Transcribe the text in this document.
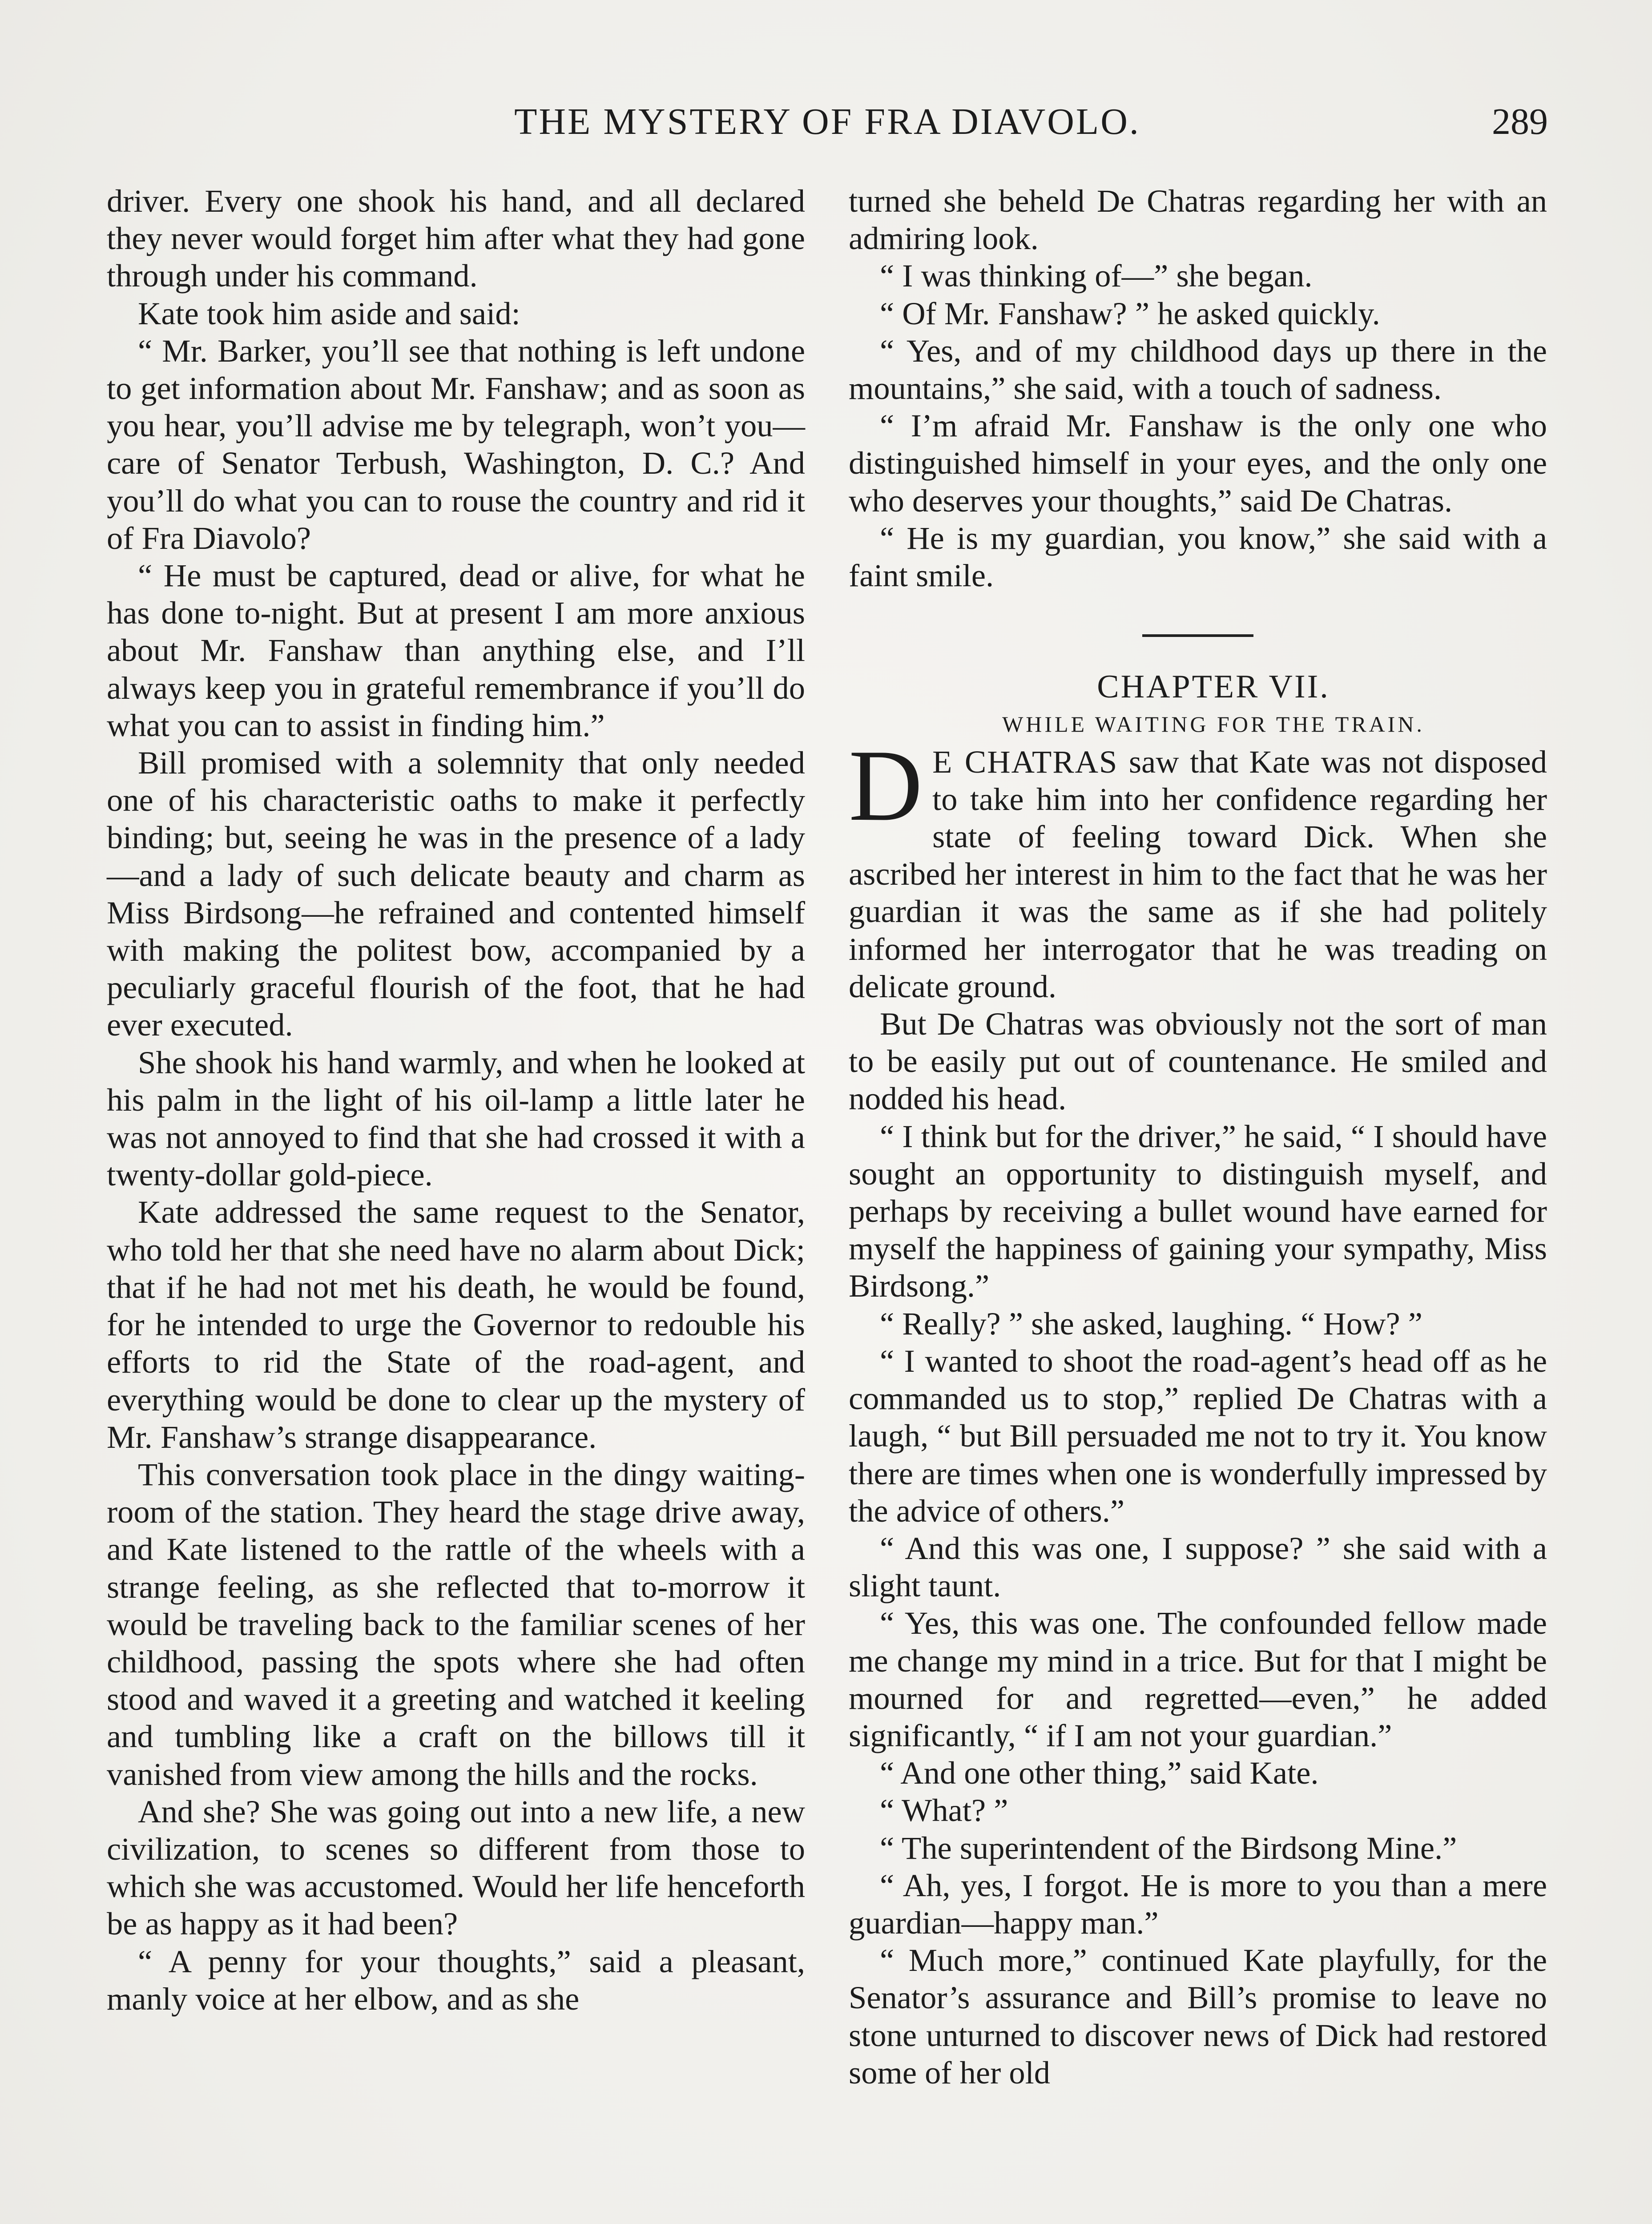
THE MYSTERY OF FRA DIAVOLO.	289

driver. Every one shook his hand, and all declared they never would forget him after what they had gone through under his command.

Kate took him aside and said:

“ Mr. Barker, you’ll see that nothing is left undone to get information about Mr. Fanshaw; and as soon as you hear, you’ll advise me by telegraph, won’t you—care of Senator Terbush, Washington, D. C.? And you’ll do what you can to rouse the country and rid it of Fra Diavolo?

“ He must be captured, dead or alive, for what he has done to-night. But at present I am more anxious about Mr. Fanshaw than anything else, and I’ll always keep you in grateful remembrance if you’ll do what you can to assist in finding him.”

Bill promised with a solemnity that only needed one of his characteristic oaths to make it perfectly binding; but, seeing he was in the presence of a lady—and a lady of such delicate beauty and charm as Miss Birdsong—he refrained and contented himself with making the politest bow, accompanied by a peculiarly graceful flourish of the foot, that he had ever executed.

She shook his hand warmly, and when he looked at his palm in the light of his oil-lamp a little later he was not annoyed to find that she had crossed it with a twenty-dollar gold-piece.

Kate addressed the same request to the Senator, who told her that she need have no alarm about Dick; that if he had not met his death, he would be found, for he intended to urge the Governor to redouble his efforts to rid the State of the road-agent, and everything would be done to clear up the mystery of Mr. Fanshaw’s strange disappearance.

This conversation took place in the dingy waiting-room of the station. They heard the stage drive away, and Kate listened to the rattle of the wheels with a strange feeling, as she reflected that to-morrow it would be traveling back to the familiar scenes of her childhood, passing the spots where she had often stood and waved it a greeting and watched it keeling and tumbling like a craft on the billows till it vanished from view among the hills and the rocks.

And she? She was going out into a new life, a new civilization, to scenes so different from those to which she was accustomed. Would her life henceforth be as happy as it had been?

“ A penny for your thoughts,” said a pleasant, manly voice at her elbow, and as she

turned she beheld De Chatras regarding her with an admiring look.

“ I was thinking of—” she began.

“ Of Mr. Fanshaw? ” he asked quickly.

“ Yes, and of my childhood days up there in the mountains,” she said, with a touch of sadness.

“ I’m afraid Mr. Fanshaw is the only one who distinguished himself in your eyes, and the only one who deserves your thoughts,” said De Chatras.

“ He is my guardian, you know,” she said with a faint smile.

CHAPTER VII.

WHILE WAITING FOR THE TRAIN.

D E CHATRAS saw that Kate was not disposed to take him into her confidence regarding her state of feeling toward Dick. When she ascribed her interest in him to the fact that he was her guardian it was the same as if she had politely informed her interrogator that he was treading on delicate ground.

But De Chatras was obviously not the sort of man to be easily put out of countenance. He smiled and nodded his head.

“ I think but for the driver,” he said, “ I should have sought an opportunity to distinguish myself, and perhaps by receiving a bullet wound have earned for myself the happiness of gaining your sympathy, Miss Birdsong.”

“ Really? ” she asked, laughing. “ How? ”

“ I wanted to shoot the road-agent’s head off as he commanded us to stop,” replied De Chatras with a laugh, “ but Bill persuaded me not to try it. You know there are times when one is wonderfully impressed by the advice of others.”

“ And this was one, I suppose? ” she said with a slight taunt.

“ Yes, this was one. The confounded fellow made me change my mind in a trice. But for that I might be mourned for and regretted—even,” he added significantly, “ if I am not your guardian.”

“ And one other thing,” said Kate.

“ What? ”

“ The superintendent of the Birdsong Mine.”

“ Ah, yes, I forgot. He is more to you than a mere guardian—happy man.”

“ Much more,” continued Kate playfully, for the Senator’s assurance and Bill’s promise to leave no stone unturned to discover news of Dick had restored some of her old
